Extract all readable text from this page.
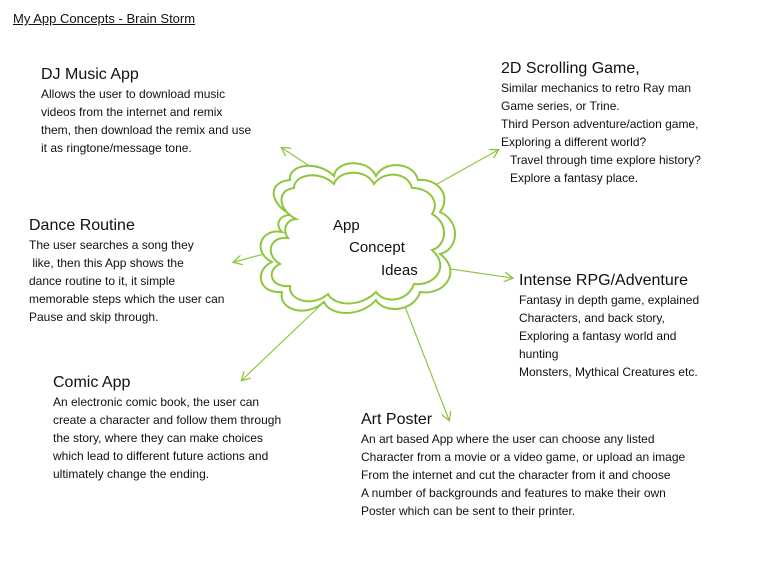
My App Concepts - Brain Storm
App
Concept
Ideas
DJ Music App
Allows the user to download music
videos from the internet and remix
them, then download the remix and use
it as ringtone/message tone.
2D Scrolling Game,
Similar mechanics to retro Ray man
Game series, or Trine.
Third Person adventure/action game,
Exploring a different world?
Travel through time explore history?
Explore a fantasy place.
Dance Routine
The user searches a song they
like, then this App shows the
dance routine to it, it simple
memorable steps which the user can
Pause and skip through.
Intense RPG/Adventure
Fantasy in depth game, explained
Characters, and back story,
Exploring a fantasy world and
hunting
Monsters, Mythical Creatures etc.
Comic App
An electronic comic book, the user can
create a character and follow them through
the story, where they can make choices
which lead to different future actions and
ultimately change the ending.
Art Poster
An art based App where the user can choose any listed
Character from a movie or a video game, or upload an image
From the internet and cut the character from it and choose
A number of backgrounds and features to make their own
Poster which can be sent to their printer.
